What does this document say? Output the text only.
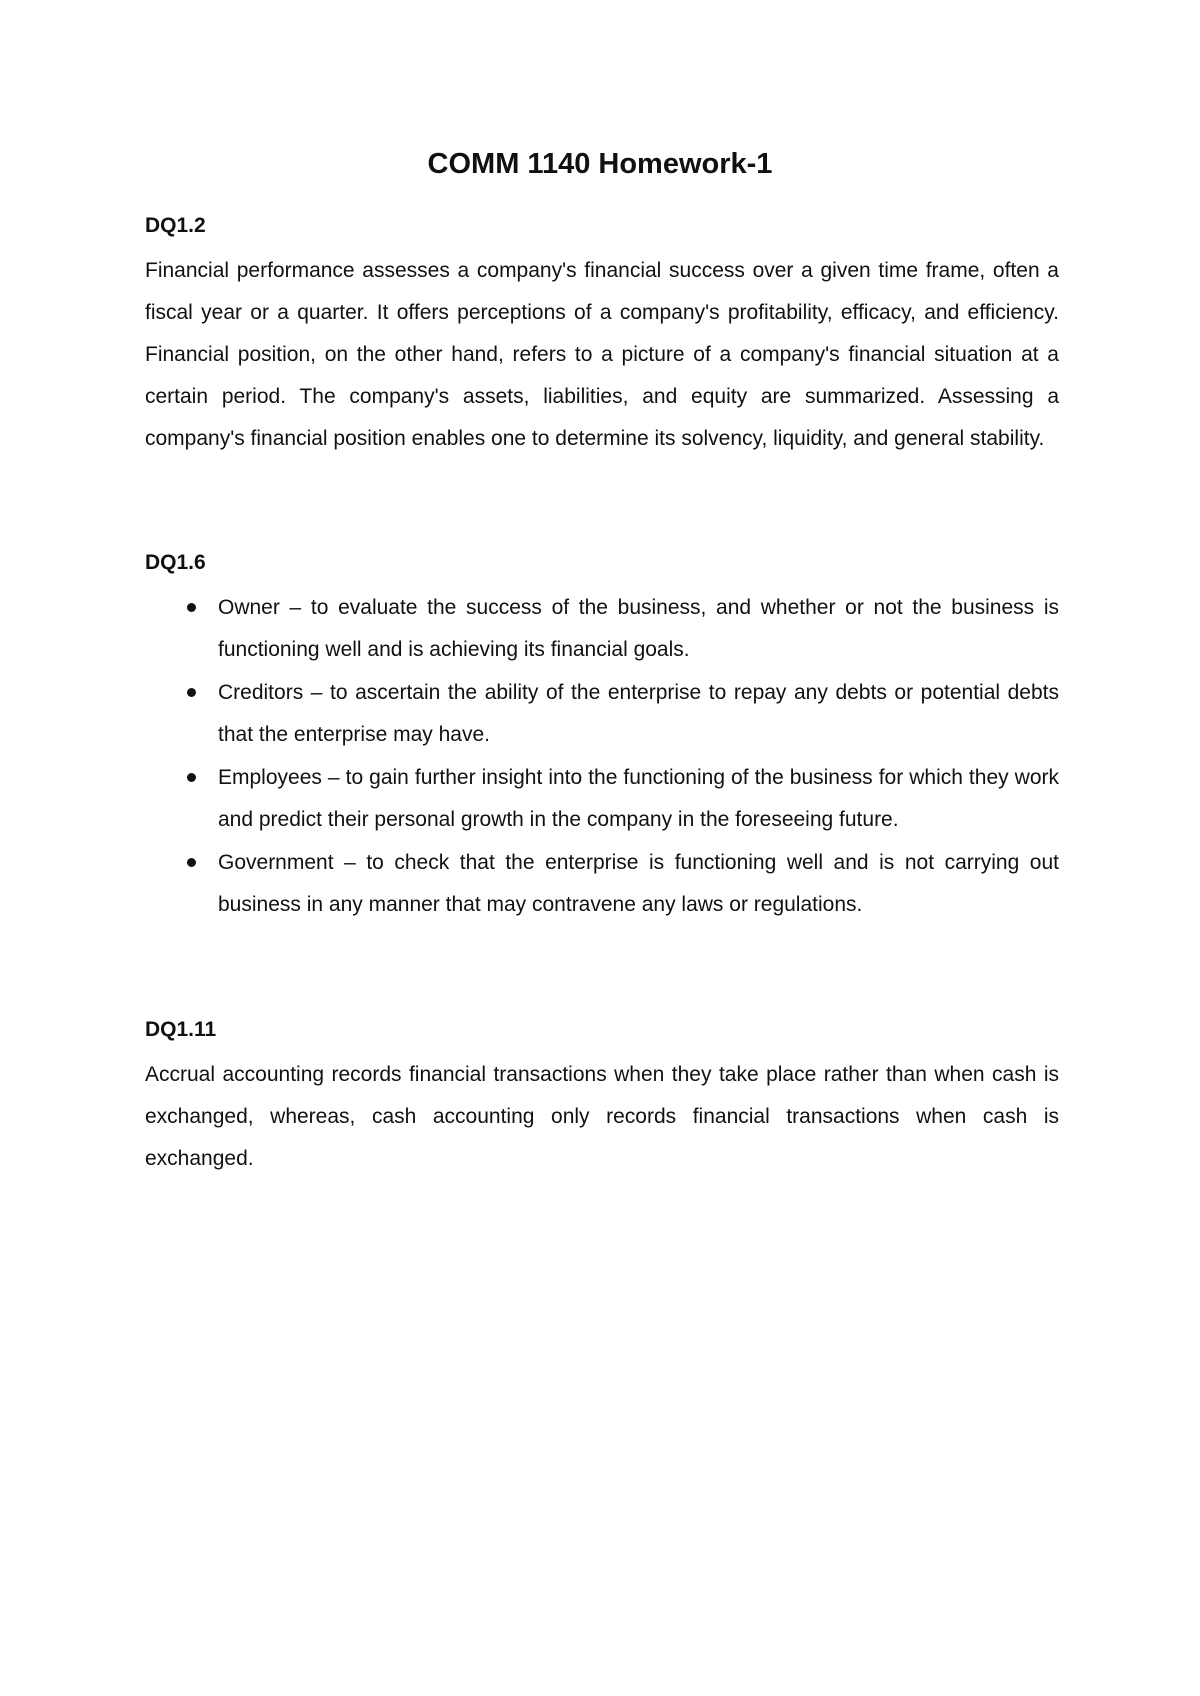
COMM 1140 Homework-1

DQ1.2

Financial performance assesses a company's financial success over a given time frame, often a fiscal year or a quarter. It offers perceptions of a company's profitability, efficacy, and efficiency. Financial position, on the other hand, refers to a picture of a company's financial situation at a certain period. The company's assets, liabilities, and equity are summarized. Assessing a company's financial position enables one to determine its solvency, liquidity, and general stability.

DQ1.6

Owner – to evaluate the success of the business, and whether or not the business is functioning well and is achieving its financial goals.
Creditors – to ascertain the ability of the enterprise to repay any debts or potential debts that the enterprise may have.
Employees – to gain further insight into the functioning of the business for which they work and predict their personal growth in the company in the foreseeing future.
Government – to check that the enterprise is functioning well and is not carrying out business in any manner that may contravene any laws or regulations.

DQ1.11

Accrual accounting records financial transactions when they take place rather than when cash is exchanged, whereas, cash accounting only records financial transactions when cash is exchanged.
